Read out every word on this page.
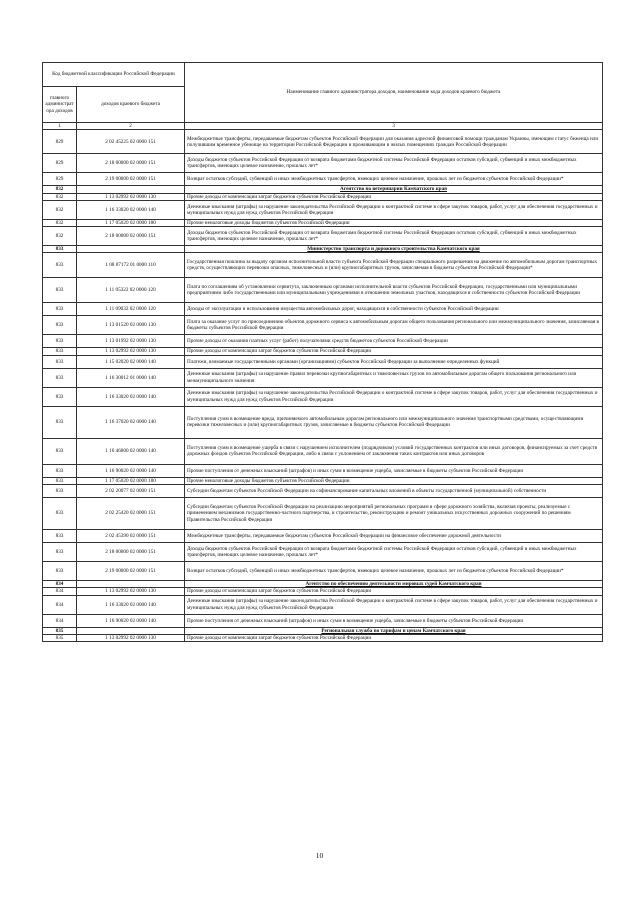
Код бюджетной классификации Российской Федерации		Наименование главного администратора доходов, наименование кода доходов краевого бюджета
главного администратора доходов	доходов краевого бюджета	
1	2	3
829	2 02 45225 02 0000 151	Межбюджетные трансферты, передаваемые бюджетам субъектов Российской Федерации для оказания адресной финансовой помощи гражданам Украины, имеющим статус беженца или получившим временное убежище на территории Российской Федерации и проживающим в жилых помещениях граждан Российской Федерации
829	2 18 00000 02 0000 151	Доходы бюджетов субъектов Российской Федерации от возврата бюджетами бюджетной системы Российской Федерации остатков субсидий, субвенций и иных межбюджетных трансфертов, имеющих целевое назначение, прошлых лет*
829	2 19 00000 02 0000 151	Возврат остатков субсидий, субвенций и иных межбюджетных трансфертов, имеющих целевое назначение, прошлых лет из бюджетов субъектов Российской Федерации*
832		Агентство по ветеринарии Камчатского края
832	1 13 02992 02 0000 130	Прочие доходы от компенсации затрат бюджетов субъектов Российской Федерации
832	1 16 33020 02 0000 140	Денежные взыскания (штрафы) за нарушение законодательства Российской Федерации о контрактной системе в сфере закупок товаров, работ, услуг для обеспечения государственных и муниципальных нужд для нужд субъектов Российской Федерации
832	1 17 05020 02 0000 180	Прочие неналоговые доходы бюджетов субъектов Российской Федерации
832	2 18 00000 02 0000 151	Доходы бюджетов субъектов Российской Федерации от возврата бюджетами бюджетной системы Российской Федерации остатков субсидий, субвенций и иных межбюджетных трансфертов, имеющих целевое назначение, прошлых лет*
833		Министерство транспорта и дорожного строительства Камчатского края
833	1 08 07172 01 0000 110	Государственная пошлина за выдачу органом исполнительной власти субъекта Российской Федерации специального разрешения на движение по автомобильным дорогам транспортных средств, осуществляющих перевозки опасных, тяжеловесных и (или) крупногабаритных грузов, зачисляемая в бюджеты субъектов Российской Федерации*
833	1 11 05322 02 0000 120	Плата по соглашениям об установлении сервитута, заключенным органами исполнительной власти субъектов Российской Федерации, государственными или муниципальными предприятиями либо государственными или муниципальными учреждениями в отношении земельных участков, находящихся в собственности субъектов Российской Федерации
833	1 11 09032 02 0000 120	Доходы от эксплуатации и использования имущества автомобильных дорог, находящихся в собственности субъектов Российской Федерации
833	1 13 01520 02 0000 130	Плата за оказание услуг по присоединению объектов дорожного сервиса к автомобильным дорогам общего пользования регионального или межмуниципального значения, зачисляемая в бюджеты субъектов Российской Федерации
833	1 13 01992 02 0000 130	Прочие доходы от оказания платных услуг (работ) получателями средств бюджетов субъектов Российской Федерации
833	1 13 02992 02 0000 130	Прочие доходы от компенсации затрат бюджетов субъектов Российской Федерации
833	1 15 02020 02 0000 140	Платежи, взимаемые государственными органами (организациями) субъектов Российской Федерации за выполнение определенных функций
833	1 16 30012 01 0000 140	Денежные взыскания (штрафы) за нарушение правил перевозки крупногабаритных и тяжеловесных грузов по автомобильным дорогам общего пользования регионального или межмуниципального значения
833	1 16 33020 02 0000 140	Денежные взыскания (штрафы) за нарушение законодательства Российской Федерации о контрактной системе в сфере закупок товаров, работ, услуг для обеспечения государственных и муниципальных нужд для нужд субъектов Российской Федерации
833	1 16 37020 02 0000 140	Поступления сумм в возмещение вреда, причиняемого автомобильным дорогам регионального или межмуниципального значения транспортными средствами, осуществляющими перевозки тяжеловесных и (или) крупногабаритных грузов, зачисляемые в бюджеты субъектов Российской Федерации
833	1 16 46000 02 0000 140	Поступления сумм в возмещение ущерба в связи с нарушением исполнителем (подрядчиком) условий государственных контрактов или иных договоров, финансируемых за счет средств дорожных фондов субъектов Российской Федерации, либо в связи с уклонением от заключения таких контрактов или иных договоров
833	1 16 90020 02 0000 140	Прочие поступления от денежных взысканий (штрафов) и иных сумм в возмещение ущерба, зачисляемые в бюджеты субъектов Российской Федерации
833	1 17 05020 02 0000 180	Прочие неналоговые доходы бюджетов субъектов Российской Федерации
833	2 02 20077 02 0000 151	Субсидии бюджетам субъектов Российской Федерации на софинансирование капитальных вложений в объекты государственной (муниципальной) собственности
833	2 02 25420 02 0000 151	Субсидии бюджетам субъектов Российской Федерации на реализацию мероприятий региональных программ в сфере дорожного хозяйства, включая проекты, реализуемые с применением механизмов государственно-частного партнерства, и строительство, реконструкцию и ремонт уникальных искусственных дорожных сооружений по решениям Правительства Российской Федерации
833	2 02 45390 02 0000 151	Межбюджетные трансферты, передаваемые бюджетам субъектов Российской Федерации на финансовое обеспечение дорожной деятельности
833	2 18 00000 02 0000 151	Доходы бюджетов субъектов Российской Федерации от возврата бюджетами бюджетной системы Российской Федерации остатков субсидий, субвенций и иных межбюджетных трансфертов, имеющих целевое назначение, прошлых лет*
833	2 19 00000 02 0000 151	Возврат остатков субсидий, субвенций и иных межбюджетных трансфертов, имеющих целевое назначение, прошлых лет из бюджетов субъектов Российской Федерации*
834		Агентство по обеспечению деятельности мировых судей Камчатского края
834	1 13 02992 02 0000 130	Прочие доходы от компенсации затрат бюджетов субъектов Российской Федерации
834	1 16 33020 02 0000 140	Денежные взыскания (штрафы) за нарушение законодательства Российской Федерации о контрактной системе в сфере закупок товаров, работ, услуг для обеспечения государственных и муниципальных нужд для нужд субъектов Российской Федерации
834	1 16 90020 02 0000 140	Прочие поступления от денежных взысканий (штрафов) и иных сумм в возмещение ущерба, зачисляемые в бюджеты субъектов Российской Федерации
835		Региональная служба по тарифам и ценам Камчатского края
835	1 13 02992 02 0000 130	Прочие доходы от компенсации затрат бюджетов субъектов Российской Федерации
10
